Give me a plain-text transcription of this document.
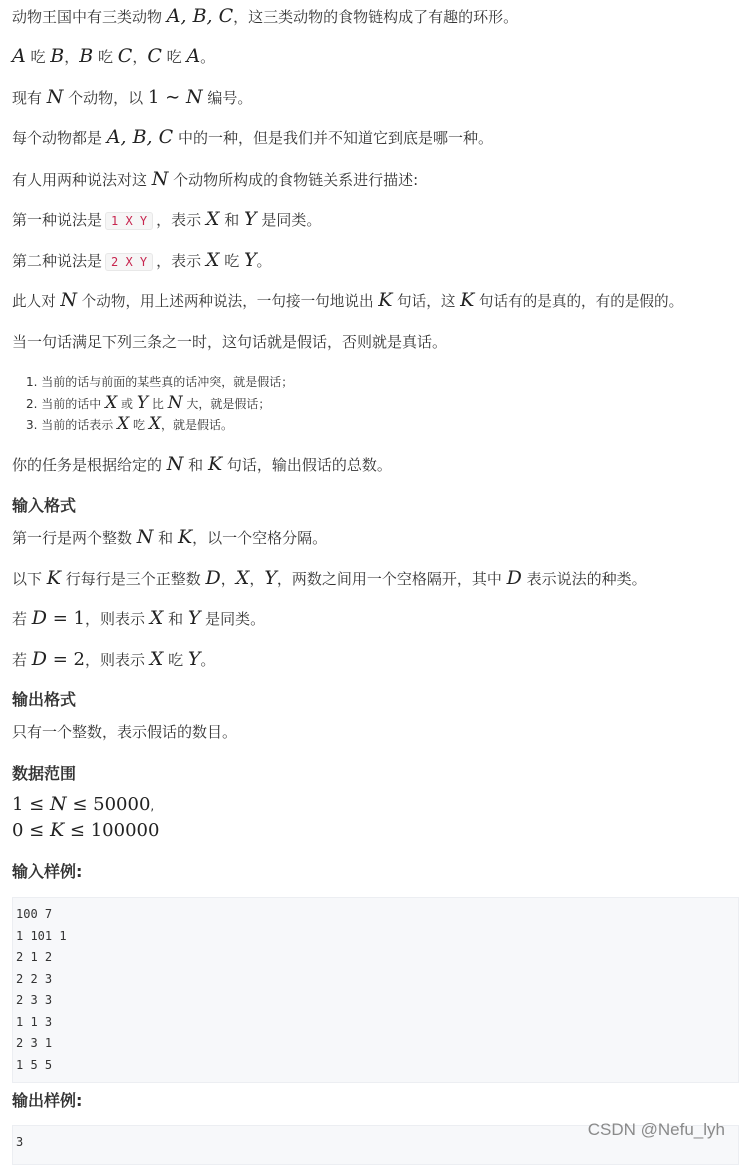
动物王国中有三类动物 A, B, C，这三类动物的食物链构成了有趣的环形。
A 吃 B，B 吃 C，C 吃 A。
现有 N 个动物，以 1 ∼ N 编号。
每个动物都是 A, B, C 中的一种，但是我们并不知道它到底是哪一种。
有人用两种说法对这 N 个动物所构成的食物链关系进行描述:
第一种说法是 1 X Y ，表示 X 和 Y 是同类。
第二种说法是 2 X Y ，表示 X 吃 Y。
此人对 N 个动物，用上述两种说法，一句接一句地说出 K 句话，这 K 句话有的是真的，有的是假的。
当一句话满足下列三条之一时，这句话就是假话，否则就是真话。
1. 当前的话与前面的某些真的话冲突，就是假话；
2. 当前的话中 X 或 Y 比 N 大，就是假话；
3. 当前的话表示 X 吃 X，就是假话。
你的任务是根据给定的 N 和 K 句话，输出假话的总数。
输入格式
第一行是两个整数 N 和 K，以一个空格分隔。
以下 K 行每行是三个正整数 D，X，Y，两数之间用一个空格隔开，其中 D 表示说法的种类。
若 D = 1，则表示 X 和 Y 是同类。
若 D = 2，则表示 X 吃 Y。
输出格式
只有一个整数，表示假话的数目。
数据范围
1 ≤ N ≤ 50000,
0 ≤ K ≤ 100000
输入样例:
100 7
1 101 1
2 1 2
2 2 3
2 3 3
1 1 3
2 3 1
1 5 5
输出样例:
3
CSDN @Nefu_lyh
